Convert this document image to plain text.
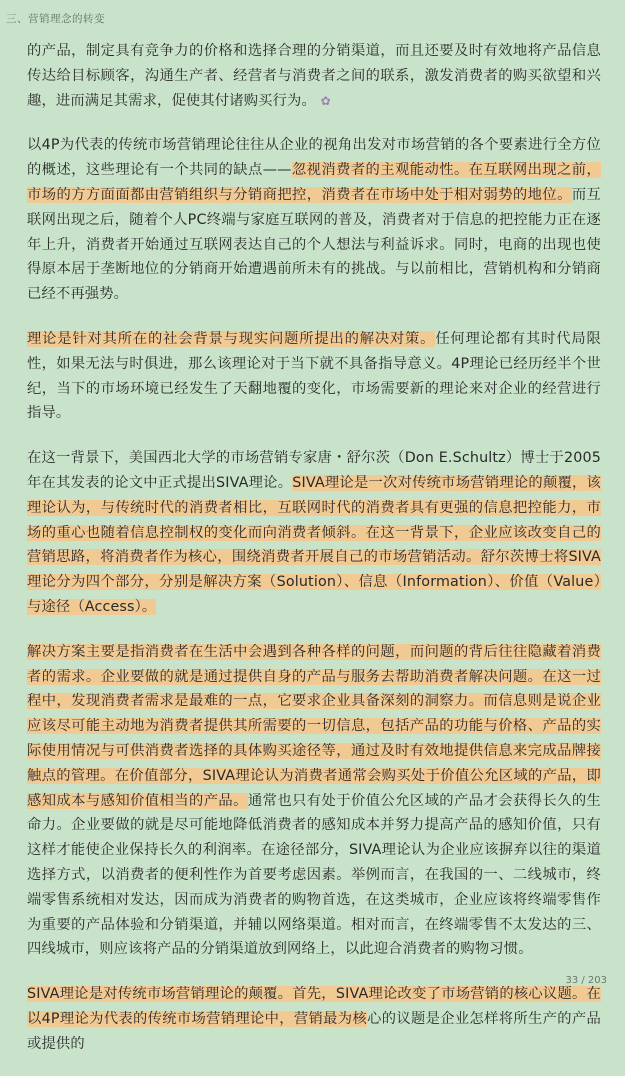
三、营销理念的转变

的产品，制定具有竞争力的价格和选择合理的分销渠道，而且还要及时有效地将产品信息传达给目标顾客，沟通生产者、经营者与消费者之间的联系，激发消费者的购买欲望和兴趣，进而满足其需求，促使其付诸购买行为。 ✿

以4P为代表的传统市场营销理论往往从企业的视角出发对市场营销的各个要素进行全方位的概述，这些理论有一个共同的缺点——忽视消费者的主观能动性。在互联网出现之前，市场的方方面面都由营销组织与分销商把控，消费者在市场中处于相对弱势的地位。而互联网出现之后，随着个人PC终端与家庭互联网的普及，消费者对于信息的把控能力正在逐年上升，消费者开始通过互联网表达自己的个人想法与利益诉求。同时，电商的出现也使得原本居于垄断地位的分销商开始遭遇前所未有的挑战。与以前相比，营销机构和分销商已经不再强势。

理论是针对其所在的社会背景与现实问题所提出的解决对策。任何理论都有其时代局限性，如果无法与时俱进，那么该理论对于当下就不具备指导意义。4P理论已经历经半个世纪，当下的市场环境已经发生了天翻地覆的变化，市场需要新的理论来对企业的经营进行指导。

在这一背景下，美国西北大学的市场营销专家唐・舒尔茨（Don E.Schultz）博士于2005年在其发表的论文中正式提出SIVA理论。SIVA理论是一次对传统市场营销理论的颠覆，该理论认为，与传统时代的消费者相比，互联网时代的消费者具有更强的信息把控能力，市场的重心也随着信息控制权的变化而向消费者倾斜。在这一背景下，企业应该改变自己的营销思路，将消费者作为核心，围绕消费者开展自己的市场营销活动。舒尔茨博士将SIVA理论分为四个部分，分别是解决方案（Solution）、信息（Information）、价值（Value）与途径（Access）。

解决方案主要是指消费者在生活中会遇到各种各样的问题，而问题的背后往往隐藏着消费者的需求。企业要做的就是通过提供自身的产品与服务去帮助消费者解决问题。在这一过程中，发现消费者需求是最难的一点，它要求企业具备深刻的洞察力。而信息则是说企业应该尽可能主动地为消费者提供其所需要的一切信息，包括产品的功能与价格、产品的实际使用情况与可供消费者选择的具体购买途径等，通过及时有效地提供信息来完成品牌接触点的管理。在价值部分，SIVA理论认为消费者通常会购买处于价值公允区域的产品，即感知成本与感知价值相当的产品。通常也只有处于价值公允区域的产品才会获得长久的生命力。企业要做的就是尽可能地降低消费者的感知成本并努力提高产品的感知价值，只有这样才能使企业保持长久的利润率。在途径部分，SIVA理论认为企业应该摒弃以往的渠道选择方式，以消费者的便利性作为首要考虑因素。举例而言，在我国的一、二线城市，终端零售系统相对发达，因而成为消费者的购物首选，在这类城市，企业应该将终端零售作为重要的产品体验和分销渠道，并辅以网络渠道。相对而言，在终端零售不太发达的三、四线城市，则应该将产品的分销渠道放到网络上，以此迎合消费者的购物习惯。

SIVA理论是对传统市场营销理论的颠覆。首先，SIVA理论改变了市场营销的核心议题。在以4P理论为代表的传统市场营销理论中，营销最为核心的议题是企业怎样将所生产的产品或提供的

33 / 203
